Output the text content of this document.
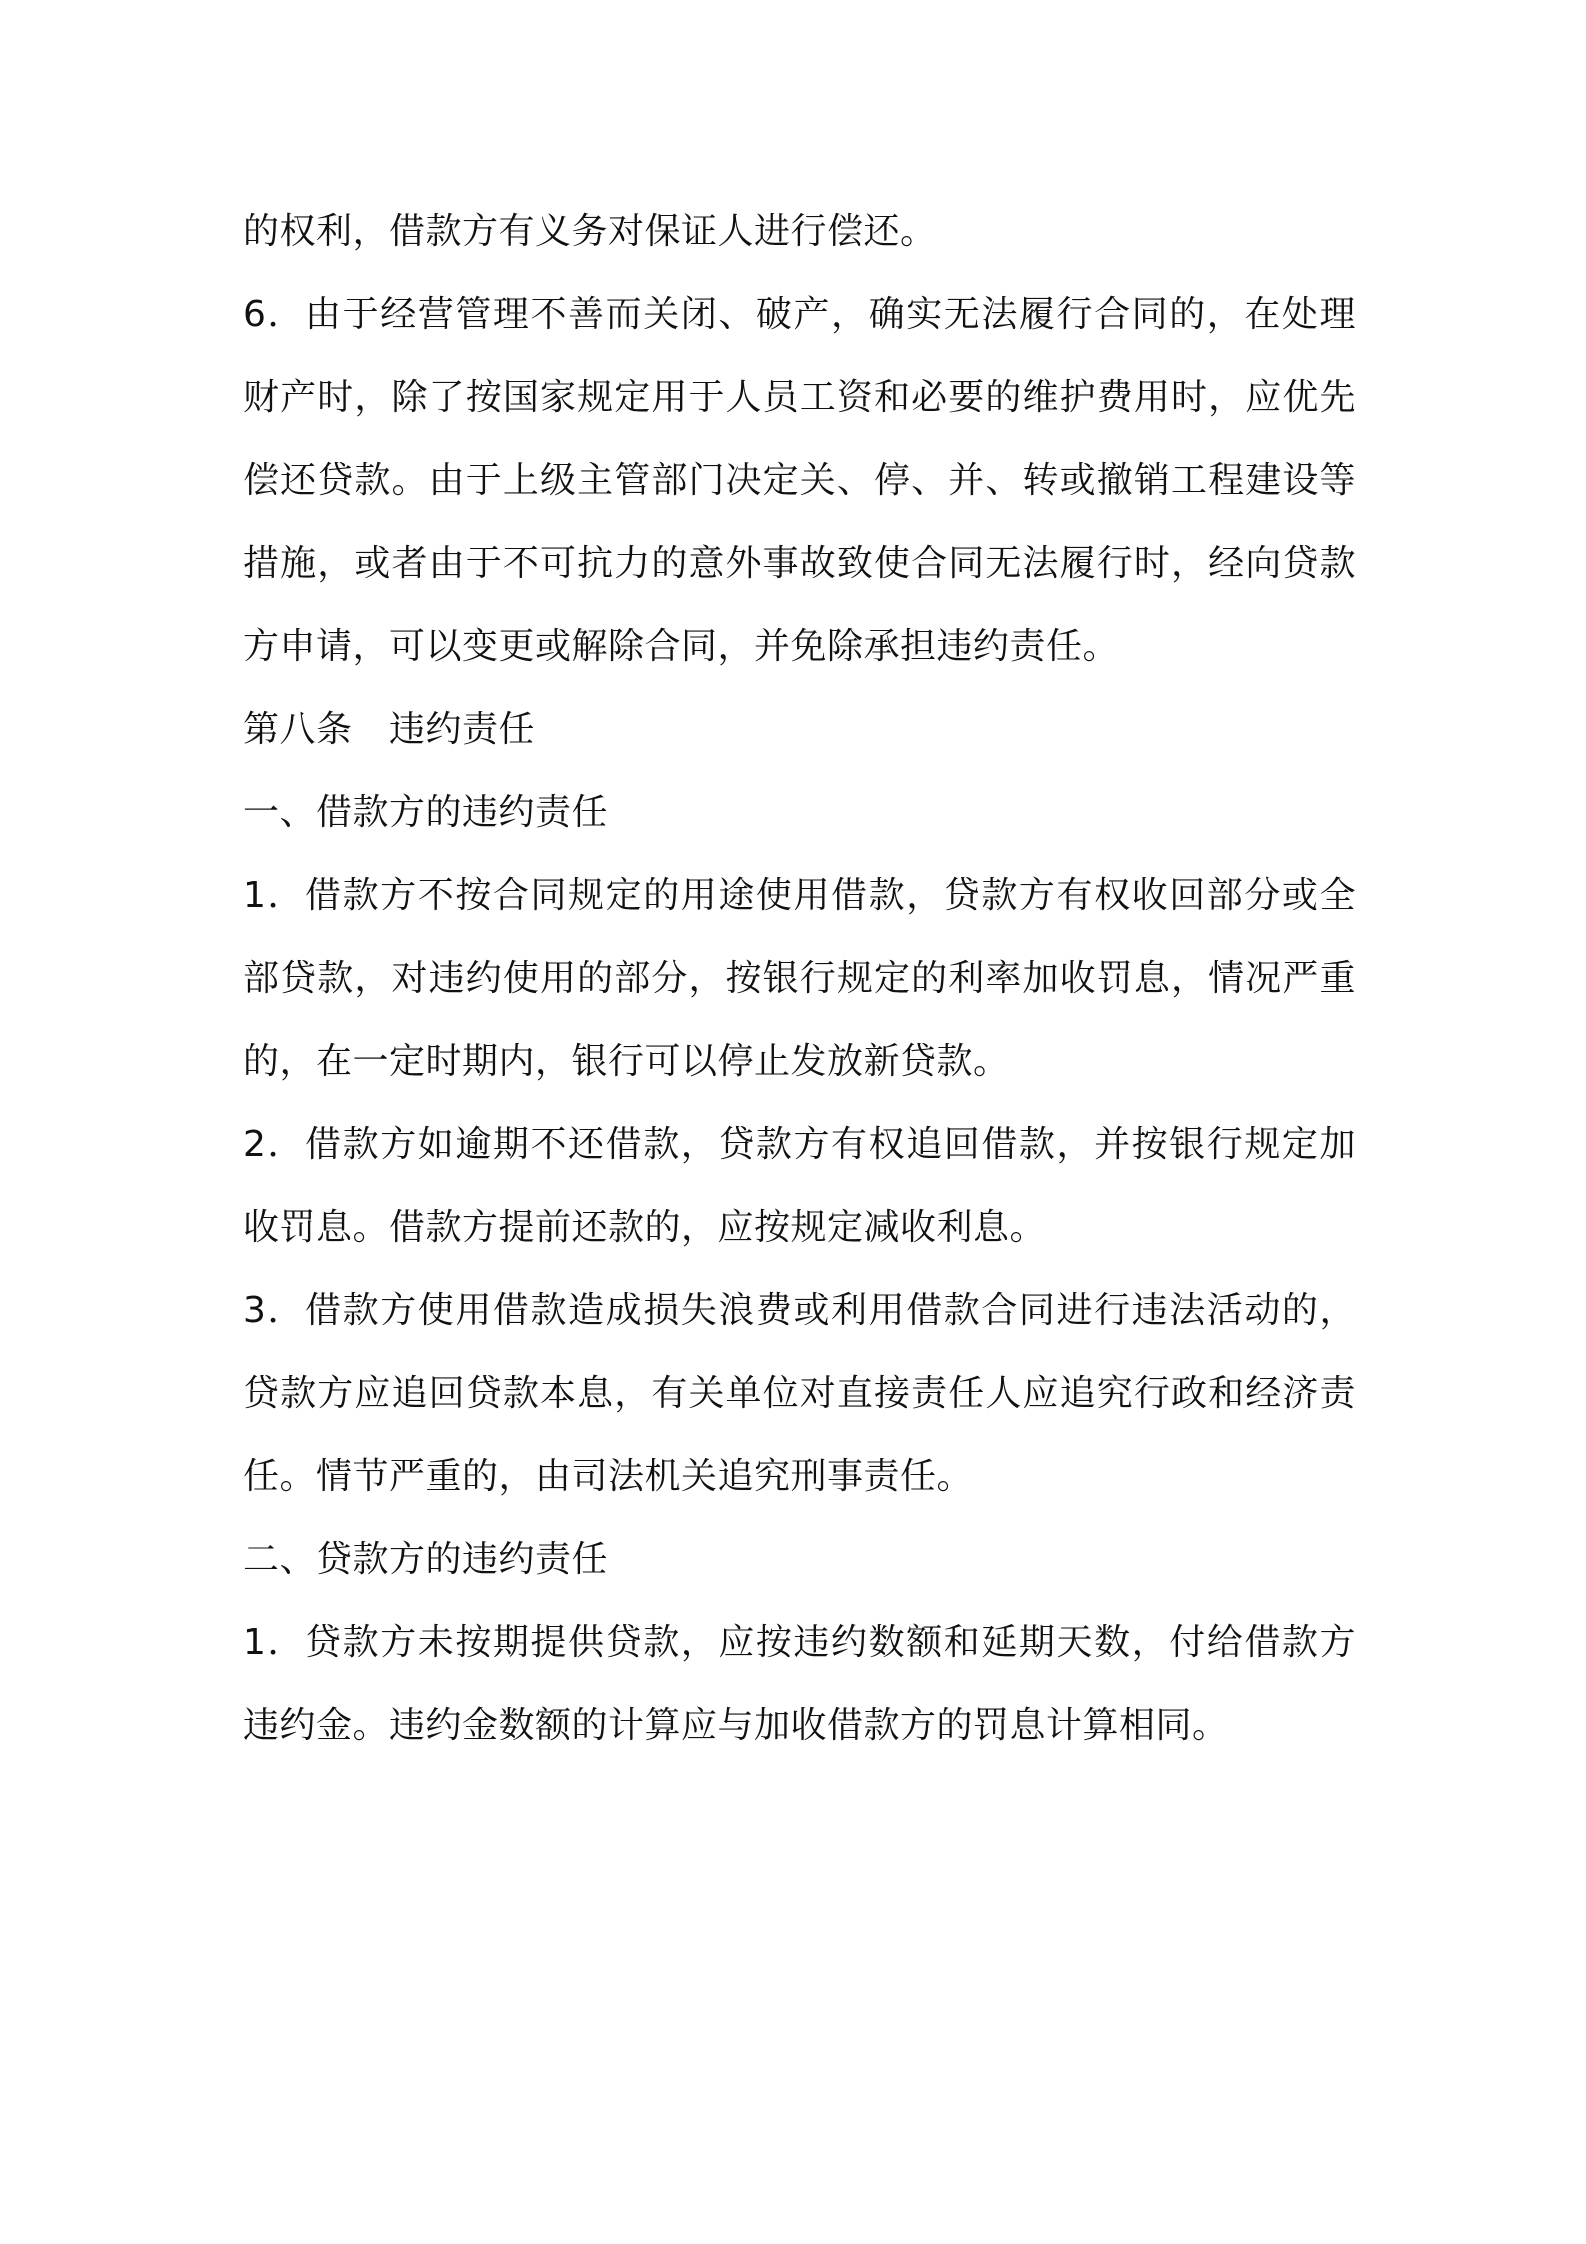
的权利，借款方有义务对保证人进行偿还。

6．由于经营管理不善而关闭、破产，确实无法履行合同的，在处理财产时，除了按国家规定用于人员工资和必要的维护费用时，应优先偿还贷款。由于上级主管部门决定关、停、并、转或撤销工程建设等措施，或者由于不可抗力的意外事故致使合同无法履行时，经向贷款方申请，可以变更或解除合同，并免除承担违约责任。

第八条　违约责任

一、借款方的违约责任

1．借款方不按合同规定的用途使用借款，贷款方有权收回部分或全部贷款，对违约使用的部分，按银行规定的利率加收罚息，情况严重的，在一定时期内，银行可以停止发放新贷款。

2．借款方如逾期不还借款，贷款方有权追回借款，并按银行规定加收罚息。借款方提前还款的，应按规定减收利息。

3．借款方使用借款造成损失浪费或利用借款合同进行违法活动的，贷款方应追回贷款本息，有关单位对直接责任人应追究行政和经济责任。情节严重的，由司法机关追究刑事责任。

二、贷款方的违约责任

1．贷款方未按期提供贷款，应按违约数额和延期天数，付给借款方违约金。违约金数额的计算应与加收借款方的罚息计算相同。
